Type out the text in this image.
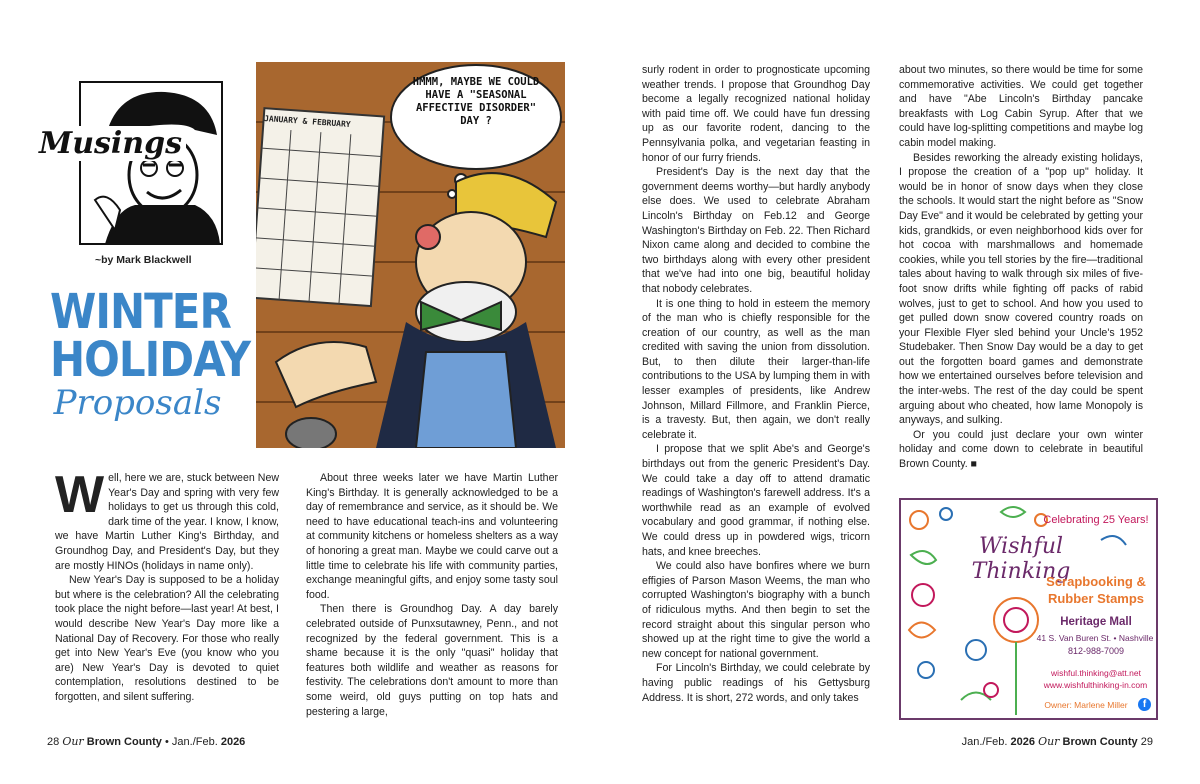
Musings
~by Mark Blackwell
WINTER
HOLIDAY
Proposals
HMMM, MAYBE WE COULD HAVE A "SEASONAL AFFECTIVE DISORDER" DAY ?
JANUARY & FEBRUARY
W ell, here we are, stuck between New Year's Day and spring with very few holidays to get us through this cold, dark time of the year. I know, I know, we have Martin Luther King's Birthday, and Groundhog Day, and President's Day, but they are mostly HINOs (holidays in name only).

New Year's Day is supposed to be a holiday but where is the celebration? All the celebrating took place the night before—last year! At best, I would describe New Year's Day more like a National Day of Recovery. For those who really get into New Year's Eve (you know who you are) New Year's Day is devoted to quiet contemplation, resolutions destined to be forgotten, and silent suffering.

About three weeks later we have Martin Luther King's Birthday. It is generally acknowledged to be a day of remembrance and service, as it should be. We need to have educational teach-ins and volunteering at community kitchens or homeless shelters as a way of honoring a great man. Maybe we could carve out a little time to celebrate his life with community parties, exchange meaningful gifts, and enjoy some tasty soul food.

Then there is Groundhog Day. A day barely celebrated outside of Punxsutawney, Penn., and not recognized by the federal government. This is a shame because it is the only "quasi" holiday that features both wildlife and weather as reasons for festivity. The celebrations don't amount to more than some weird, old guys putting on top hats and pestering a large,

surly rodent in order to prognosticate upcoming weather trends. I propose that Groundhog Day become a legally recognized national holiday with paid time off. We could have fun dressing up as our favorite rodent, dancing to the Pennsylvania polka, and vegetarian feasting in honor of our furry friends.

President's Day is the next day that the government deems worthy—but hardly anybody else does. We used to celebrate Abraham Lincoln's Birthday on Feb.12 and George Washington's Birthday on Feb. 22. Then Richard Nixon came along and decided to combine the two birthdays along with every other president that we've had into one big, beautiful holiday that nobody celebrates.

It is one thing to hold in esteem the memory of the man who is chiefly responsible for the creation of our country, as well as the man credited with saving the union from dissolution. But, to then dilute their larger-than-life contributions to the USA by lumping them in with lesser examples of presidents, like Andrew Johnson, Millard Fillmore, and Franklin Pierce, is a travesty. But, then again, we don't really celebrate it.

I propose that we split Abe's and George's birthdays out from the generic President's Day. We could take a day off to attend dramatic readings of Washington's farewell address. It's a worthwhile read as an example of evolved vocabulary and good grammar, if nothing else. We could dress up in powdered wigs, tricorn hats, and knee breeches.

We could also have bonfires where we burn effigies of Parson Mason Weems, the man who corrupted Washington's biography with a bunch of ridiculous myths. And then begin to set the record straight about this singular person who showed up at the right time to give the world a new concept for national government.

For Lincoln's Birthday, we could celebrate by having public readings of his Gettysburg Address. It is short, 272 words, and only takes

about two minutes, so there would be time for some commemorative activities. We could get together and have "Abe Lincoln's Birthday pancake breakfasts with Log Cabin Syrup. After that we could have log-splitting competitions and maybe log cabin model making.

Besides reworking the already existing holidays, I propose the creation of a "pop up" holiday. It would be in honor of snow days when they close the schools. It would start the night before as "Snow Day Eve" and it would be celebrated by getting your kids, grandkids, or even neighborhood kids over for hot cocoa with marshmallows and homemade cookies, while you tell stories by the fire—traditional tales about having to walk through six miles of five-foot snow drifts while fighting off packs of rabid wolves, just to get to school. And how you used to get pulled down snow covered country roads on your Flexible Flyer sled behind your Uncle's 1952 Studebaker. Then Snow Day would be a day to get out the forgotten board games and demonstrate how we entertained ourselves before television and the inter-webs. The rest of the day could be spent arguing about who cheated, how lame Monopoly is anyways, and sulking.

Or you could just declare your own winter holiday and come down to celebrate in beautiful Brown County. ■

Celebrating 25 Years!
Wishful Thinking
Scrapbooking &
Rubber Stamps
Heritage Mall
41 S. Van Buren St. • Nashville
812-988-7009
wishful.thinking@att.net
www.wishfulthinking-in.com
Owner: Marlene Miller	f
28 Our Brown County • Jan./Feb. 2026	Jan./Feb. 2026 Our Brown County 29
